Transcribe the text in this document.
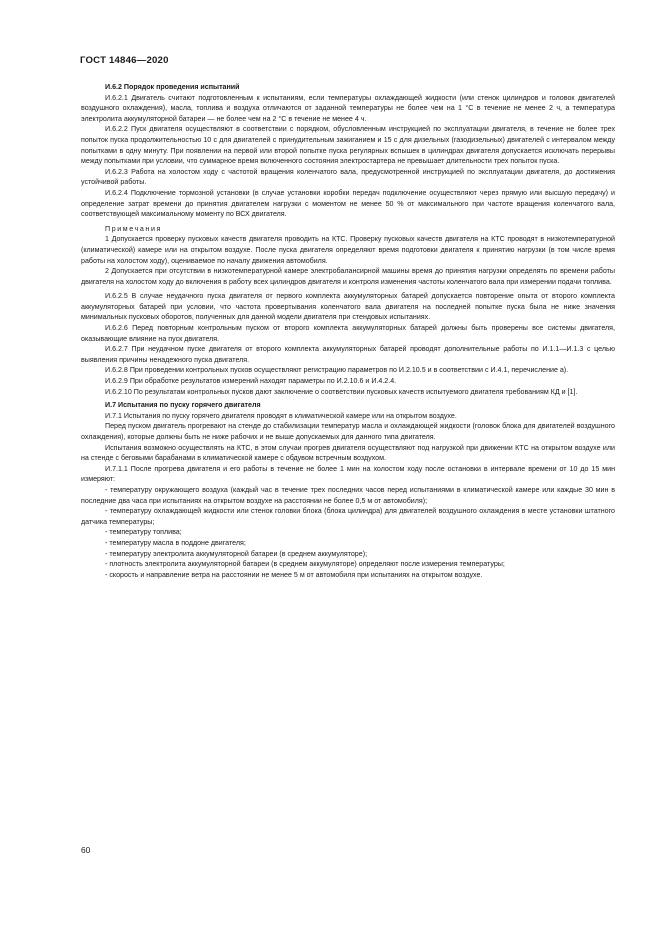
ГОСТ 14846—2020

И.6.2 Порядок проведения испытаний

И.6.2.1 Двигатель считают подготовленным к испытаниям, если температуры охлаждающей жидкости (или стенок цилиндров и головок двигателей воздушного охлаждения), масла, топлива и воздуха отличаются от заданной температуры не более чем на 1 °С в течение не менее 2 ч, а температура электролита аккумуляторной батареи — не более чем на 2 °С в течение не менее 4 ч.

И.6.2.2 Пуск двигателя осуществляют в соответствии с порядком, обусловленным инструкцией по эксплуатации двигателя, в течение не более трех попыток пуска продолжительностью 10 с для двигателей с принудительным зажиганием и 15 с для дизельных (газодизельных) двигателей с интервалом между попытками в одну минуту. При появлении на первой или второй попытке пуска регулярных вспышек в цилиндрах двигателя допускается исключать перерывы между попытками при условии, что суммарное время включенного состояния электростартера не превышает длительности трех попыток пуска.

И.6.2.3 Работа на холостом ходу с частотой вращения коленчатого вала, предусмотренной инструкцией по эксплуатации двигателя, до достижения устойчивой работы.

И.6.2.4 Подключение тормозной установки (в случае установки коробки передач подключение осуществляют через прямую или высшую передачу) и определение затрат времени до принятия двигателем нагрузки с моментом не менее 50 % от максимального при частоте вращения коленчатого вала, соответствующей максимальному моменту по ВСХ двигателя.

Примечания

1 Допускается проверку пусковых качеств двигателя проводить на КТС. Проверку пусковых качеств двигателя на КТС проводят в низкотемпературной (климатической) камере или на открытом воздухе. После пуска двигателя определяют время подготовки двигателя к принятию нагрузки (в том числе время работы на холостом ходу), оцениваемое по началу движения автомобиля.

2 Допускается при отсутствии в низкотемпературной камере электробалансирной машины время до принятия нагрузки определять по времени работы двигателя на холостом ходу до включения в работу всех цилиндров двигателя и контроля изменения частоты коленчатого вала при измерении подачи топлива.

И.6.2.5 В случае неудачного пуска двигателя от первого комплекта аккумуляторных батарей допускается повторение опыта от второго комплекта аккумуляторных батарей при условии, что частота провертывания коленчатого вала двигателя на последней попытке пуска была не ниже значения минимальных пусковых оборотов, полученных для данной модели двигателя при стендовых испытаниях.

И.6.2.6 Перед повторным контрольным пуском от второго комплекта аккумуляторных батарей должны быть проверены все системы двигателя, оказывающие влияние на пуск двигателя.

И.6.2.7 При неудачном пуске двигателя от второго комплекта аккумуляторных батарей проводят дополнительные работы по И.1.1—И.1.3 с целью выявления причины ненадежного пуска двигателя.

И.6.2.8 При проведении контрольных пусков осуществляют регистрацию параметров по И.2.10.5 и в соответствии с И.4.1, перечисление а).

И.6.2.9 При обработке результатов измерений находят параметры по И.2.10.6 и И.4.2.4.

И.6.2.10 По результатам контрольных пусков дают заключение о соответствии пусковых качеств испытуемого двигателя требованиям КД и [1].

И.7 Испытания по пуску горячего двигателя

И.7.1 Испытания по пуску горячего двигателя проводят в климатической камере или на открытом воздухе.

Перед пуском двигатель прогревают на стенде до стабилизации температур масла и охлаждающей жидкости (головок блока для двигателей воздушного охлаждения), которые должны быть не ниже рабочих и не выше допускаемых для данного типа двигателя.

Испытания возможно осуществлять на КТС, в этом случаи прогрев двигателя осуществляют под нагрузкой при движении КТС на открытом воздухе или на стенде с беговыми барабанами в климатической камере с обдувом встречным воздухом.

И.7.1.1 После прогрева двигателя и его работы в течение не более 1 мин на холостом ходу после остановки в интервале времени от 10 до 15 мин измеряют:

- температуру окружающего воздуха (каждый час в течение трех последних часов перед испытаниями в климатической камере или каждые 30 мин в последние два часа при испытаниях на открытом воздухе на расстоянии не более 0,5 м от автомобиля);

- температуру охлаждающей жидкости или стенок головки блока (блока цилиндра) для двигателей воздушного охлаждения в месте установки штатного датчика температуры;

- температуру топлива;

- температуру масла в поддоне двигателя;

- температуру электролита аккумуляторной батареи (в среднем аккумуляторе);

- плотность электролита аккумуляторной батареи (в среднем аккумуляторе) определяют после измерения температуры;

- скорость и направление ветра на расстоянии не менее 5 м от автомобиля при испытаниях на открытом воздухе.

60
